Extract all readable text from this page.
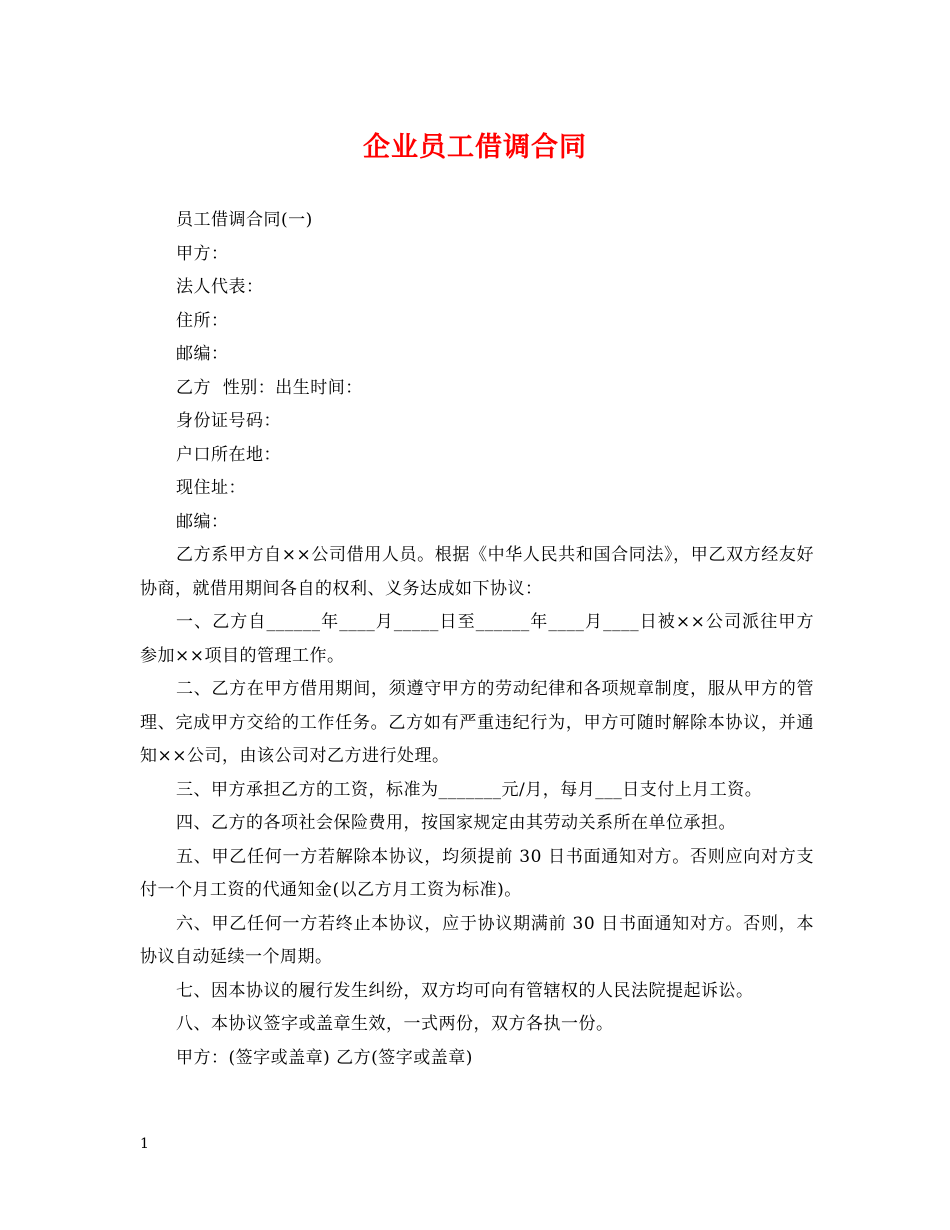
企业员工借调合同

员工借调合同(一)

甲方：

法人代表：

住所：

邮编：

乙方  性别：出生时间：

身份证号码：

户口所在地：

现住址：

邮编：

乙方系甲方自××公司借用人员。根据《中华人民共和国合同法》，甲乙双方经友好协商，就借用期间各自的权利、义务达成如下协议：

一、乙方自______年____月_____日至______年____月____日被××公司派往甲方参加××项目的管理工作。

二、乙方在甲方借用期间，须遵守甲方的劳动纪律和各项规章制度，服从甲方的管理、完成甲方交给的工作任务。乙方如有严重违纪行为，甲方可随时解除本协议，并通知××公司，由该公司对乙方进行处理。

三、甲方承担乙方的工资，标准为_______元/月，每月___日支付上月工资。

四、乙方的各项社会保险费用，按国家规定由其劳动关系所在单位承担。

五、甲乙任何一方若解除本协议，均须提前 30 日书面通知对方。否则应向对方支付一个月工资的代通知金(以乙方月工资为标准)。

六、甲乙任何一方若终止本协议，应于协议期满前 30 日书面通知对方。否则，本协议自动延续一个周期。

七、因本协议的履行发生纠纷，双方均可向有管辖权的人民法院提起诉讼。

八、本协议签字或盖章生效，一式两份，双方各执一份。

甲方：(签字或盖章) 乙方(签字或盖章)

1
